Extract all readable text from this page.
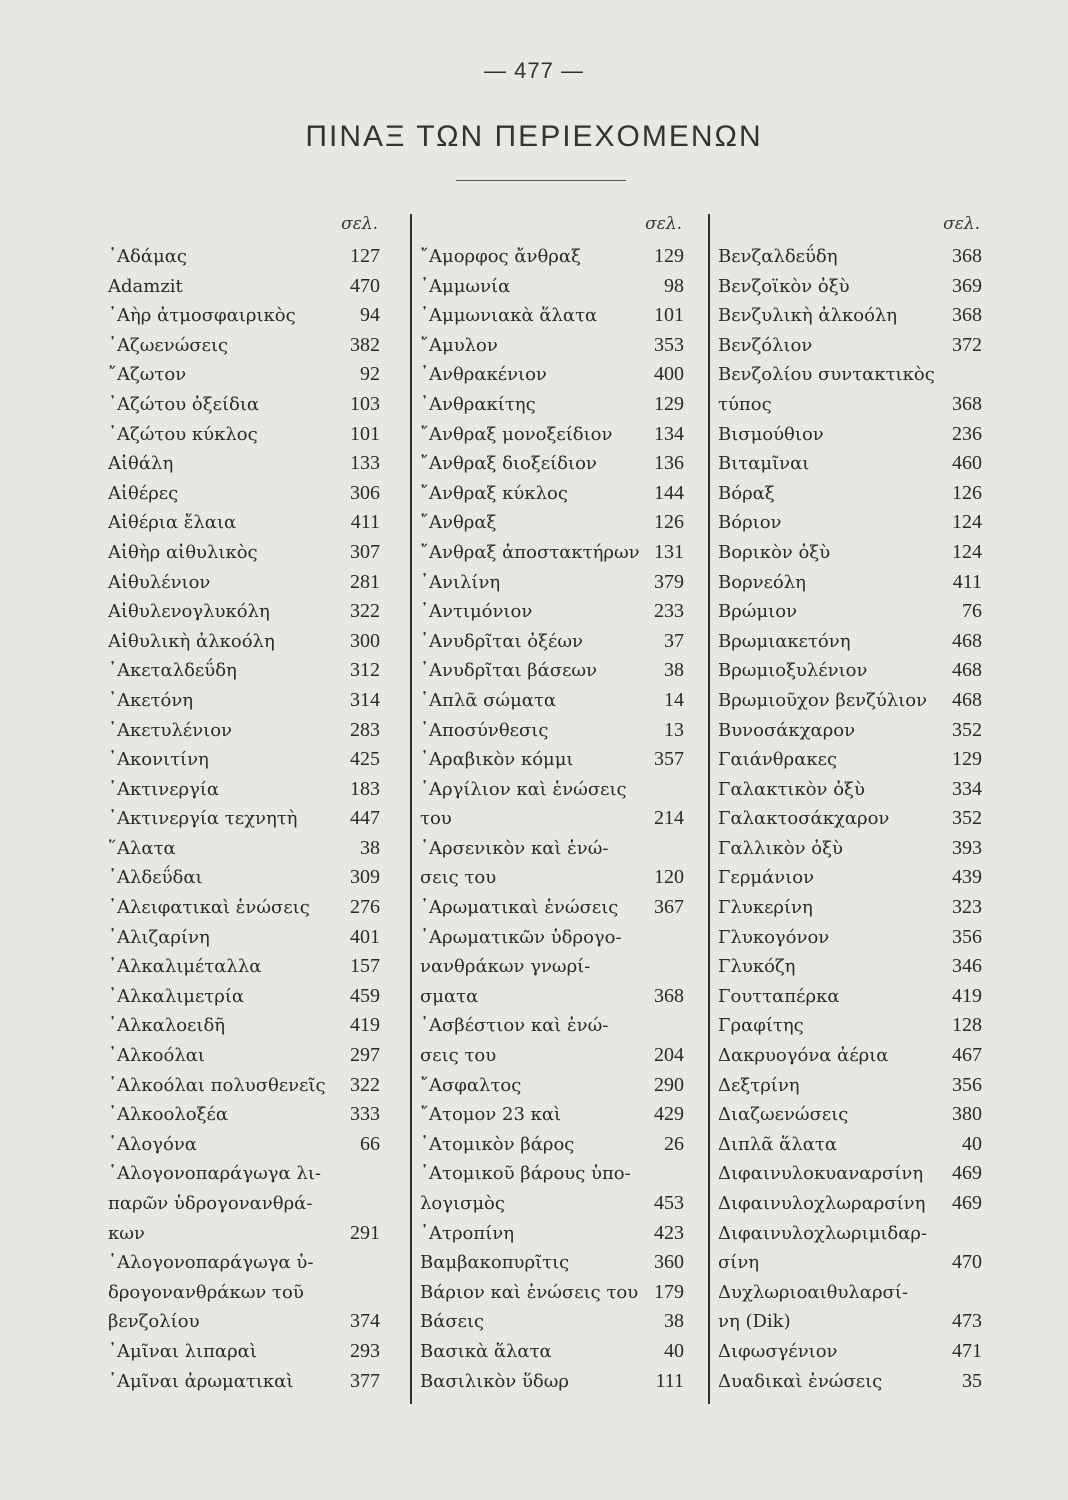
— 477 —
ΠΙΝΑΞ ΤΩΝ ΠΕΡΙΕΧΟΜΕΝΩΝ
σελ.
᾿Αδάμας	127
Adamzit	470
᾿Αὴρ ἀτμοσφαιρικὸς	94
᾿Αζωενώσεις	382
῎Αζωτον	92
᾿Αζώτου ὀξείδια	103
᾿Αζώτου κύκλος	101
Αἰθάλη	133
Αἰθέρες	306
Αἰθέρια ἔλαια	411
Αἰθὴρ αἰθυλικὸς	307
Αἰθυλένιον	281
Αἰθυλενογλυκόλη	322
Αἰθυλικὴ ἀλκοόλη	300
᾿Ακεταλδεΰδη	312
᾿Ακετόνη	314
᾿Ακετυλένιον	283
᾿Ακονιτίνη	425
᾿Ακτινεργία	183
᾿Ακτινεργία τεχνητὴ	447
῞Αλατα	38
᾿Αλδεΰδαι	309
᾿Αλειφατικαὶ ἑνώσεις	276
᾿Αλιζαρίνη	401
᾿Αλκαλιμέταλλα	157
᾿Αλκαλιμετρία	459
᾿Αλκαλοειδῆ	419
᾿Αλκοόλαι	297
᾿Αλκοόλαι πολυσθενεῖς	322
᾿Αλκοολοξέα	333
῾Αλογόνα	66
῾Αλογονοπαράγωγα λι-
παρῶν ὑδρογονανθρά-
κων	291
῾Αλογονοπαράγωγα ὑ-
δρογονανθράκων τοῦ
βενζολίου	374
᾿Αμῖναι λιπαραὶ	293
᾿Αμῖναι ἀρωματικαὶ	377
σελ.
῎Αμορφος ἄνθραξ	129
᾿Αμμωνία	98
᾿Αμμωνιακὰ ἅλατα	101
῎Αμυλον	353
᾿Ανθρακένιον	400
᾿Ανθρακίτης	129
῎Ανθραξ μονοξείδιον	134
῎Ανθραξ διοξείδιον	136
῎Ανθραξ κύκλος	144
῎Ανθραξ	126
῎Ανθραξ ἀποστακτήρων 131
᾿Ανιλίνη	379
᾿Αντιμόνιον	233
᾿Ανυδρῖται ὀξέων	37
᾿Ανυδρῖται βάσεων	38
῾Απλᾶ σώματα	14
᾿Αποσύνθεσις	13
᾿Αραβικὸν κόμμι	357
᾿Αργίλιον καὶ ἑνώσεις
του	214
᾿Αρσενικὸν καὶ ἑνώ-
σεις του	120
᾿Αρωματικαὶ ἑνώσεις	367
᾿Αρωματικῶν ὑδρογο-
νανθράκων γνωρί-
σματα	368
᾿Ασβέστιον καὶ ἑνώ-
σεις του	204
῎Ασφαλτος	290
῎Ατομον 23 καὶ	429
᾿Ατομικὸν βάρος	26
᾿Ατομικοῦ βάρους ὑπο-
λογισμὸς	453
᾿Ατροπίνη	423
Βαμβακοπυρῖτις	360
Βάριον καὶ ἑνώσεις του 179
Βάσεις	38
Βασικὰ ἅλατα	40
Βασιλικὸν ὕδωρ	111
σελ.
Βενζαλδεΰδη	368
Βενζοϊκὸν ὀξὺ	369
Βενζυλικὴ ἀλκοόλη	368
Βενζόλιον	372
Βενζολίου συντακτικὸς
τύπος	368
Βισμούθιον	236
Βιταμῖναι	460
Βόραξ	126
Βόριον	124
Βορικὸν ὀξὺ	124
Βορνεόλη	411
Βρώμιον	76
Βρωμιακετόνη	468
Βρωμιοξυλένιον	468
Βρωμιοῦχον βενζύλιον	468
Βυνοσάκχαρον	352
Γαιάνθρακες	129
Γαλακτικὸν ὀξὺ	334
Γαλακτοσάκχαρον	352
Γαλλικὸν ὀξὺ	393
Γερμάνιον	439
Γλυκερίνη	323
Γλυκογόνον	356
Γλυκόζη	346
Γουτταπέρκα	419
Γραφίτης	128
Δακρυογόνα ἀέρια	467
Δεξτρίνη	356
Διαζωενώσεις	380
Διπλᾶ ἅλατα	40
Διφαινυλοκυαναρσίνη	469
Διφαινυλοχλωραρσίνη	469
Διφαινυλοχλωριμιδαρ-
σίνη	470
Δυχλωριοαιθυλαρσί-
νη (Dik)	473
Διφωσγένιον	471
Δυαδικαὶ ἑνώσεις	35
